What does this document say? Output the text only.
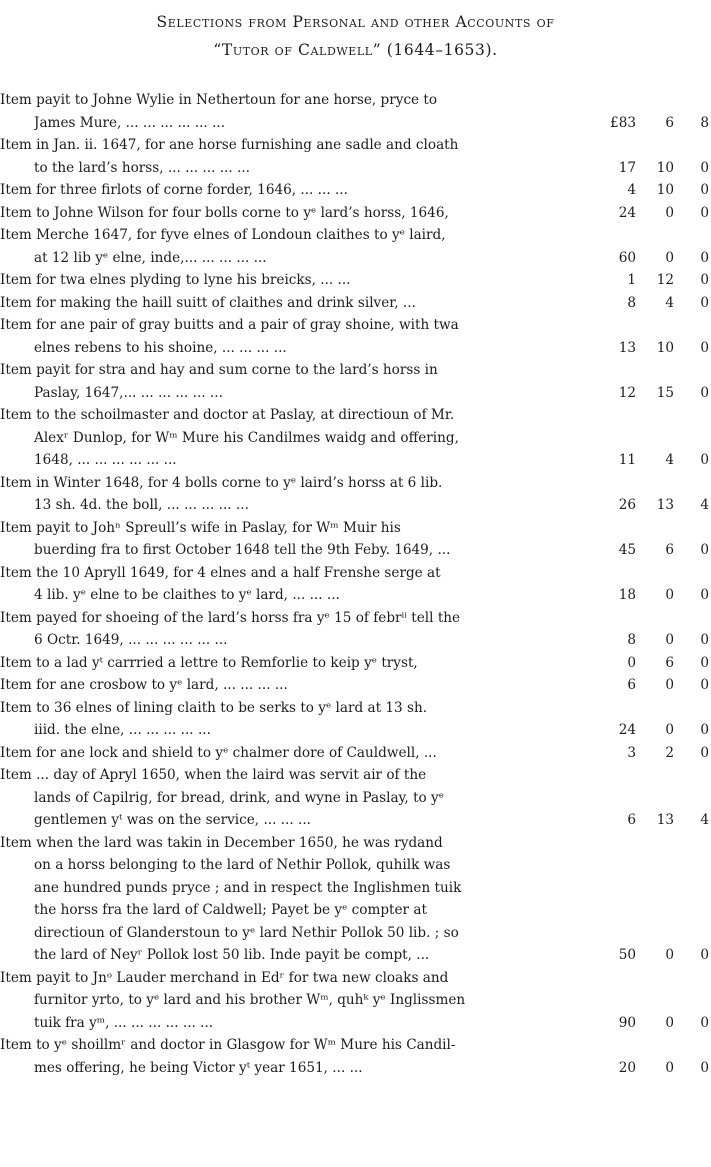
Selections from Personal and other Accounts of
“Tutor of Caldwell” (1644–1653).
Item payit to Johne Wylie in Nethertoun for ane horse, pryce to
James Mure, ... ... ... ... ... ...	£83	6	8
Item in Jan. ii. 1647, for ane horse furnishing ane sadle and cloath
to the lard’s horss, ... ... ... ... ...	17	10	0
Item for three firlots of corne forder, 1646, ... ... ...	4	10	0
Item to Johne Wilson for four bolls corne to yᵉ lard’s horss, 1646,	24	0	0
Item Merche 1647, for fyve elnes of Londoun claithes to yᵉ laird,
at 12 lib yᵉ elne, inde,... ... ... ... ...	60	0	0
Item for twa elnes plyding to lyne his breicks, ... ...	1	12	0
Item for making the haill suitt of claithes and drink silver, ...	8	4	0
Item for ane pair of gray buitts and a pair of gray shoine, with twa
elnes rebens to his shoine, ... ... ... ...	13	10	0
Item payit for stra and hay and sum corne to the lard’s horss in
Paslay, 1647,... ... ... ... ... ...	12	15	0
Item to the schoilmaster and doctor at Paslay, at directioun of Mr.
Alexʳ Dunlop, for Wᵐ Mure his Candilmes waidg and offering,
1648, ... ... ... ... ... ...	11	4	0
Item in Winter 1648, for 4 bolls corne to yᵉ laird’s horss at 6 lib.
13 sh. 4d. the boll, ... ... ... ... ...	26	13	4
Item payit to Johⁿ Spreull’s wife in Paslay, for Wᵐ Muir his
buerding fra to first October 1648 tell the 9th Feby. 1649, ...	45	6	0
Item the 10 Apryll 1649, for 4 elnes and a half Frenshe serge at
4 lib. yᵉ elne to be claithes to yᵉ lard, ... ... ...	18	0	0
Item payed for shoeing of the lard’s horss fra yᵉ 15 of febrⁱⁱ tell the
6 Octr. 1649, ... ... ... ... ... ...	8	0	0
Item to a lad yᵗ carrried a lettre to Remforlie to keip yᵉ tryst,	0	6	0
Item for ane crosbow to yᵉ lard, ... ... ... ...	6	0	0
Item to 36 elnes of lining claith to be serks to yᵉ lard at 13 sh.
iiid. the elne, ... ... ... ... ...	24	0	0
Item for ane lock and shield to yᵉ chalmer dore of Cauldwell, ...	3	2	0
Item ... day of Apryl 1650, when the laird was servit air of the
lands of Capilrig, for bread, drink, and wyne in Paslay, to yᵉ
gentlemen yᵗ was on the service, ... ... ...	6	13	4
Item when the lard was takin in December 1650, he was rydand
on a horss belonging to the lard of Nethir Pollok, quhilk was
ane hundred punds pryce ; and in respect the Inglishmen tuik
the horss fra the lard of Caldwell; Payet be yᵉ compter at
directioun of Glanderstoun to yᵉ lard Nethir Pollok 50 lib. ; so
the lard of Neyʳ Pollok lost 50 lib. Inde payit be compt, ...	50	0	0
Item payit to Jnᵒ Lauder merchand in Edʳ for twa new cloaks and
furnitor yrto, to yᵉ lard and his brother Wᵐ, quhᵏ yᵉ Inglissmen
tuik fra yᵐ, ... ... ... ... ... ...	90	0	0
Item to yᵉ shoillmʳ and doctor in Glasgow for Wᵐ Mure his Candil-
mes offering, he being Victor yᵗ year 1651, ... ...	20	0	0
